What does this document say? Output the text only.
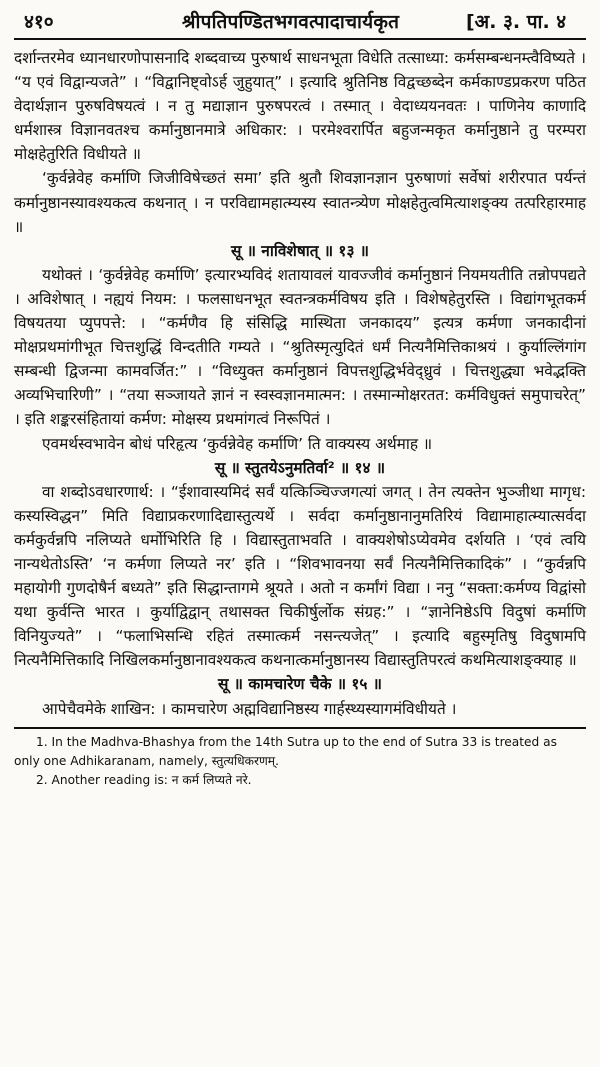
४१०	श्रीपतिपण्डितभगवत्पादाचार्यकृत	[अ. ३. पा. ४

दर्शान्तरमेव ध्यानधारणोपासनादि शब्दवाच्य पुरुषार्थ साधनभूता विधेति तत्साध्या: कर्मसम्बन्धनम्त्वैविष्यते । “य एवं विद्वान्यजते” । “विद्वानिष्ट्वोऽर्ह जुहुयात्” । इत्यादि श्रुतिनिष्ठ विद्वच्छब्देन कर्मकाण्डप्रकरण पठित वेदार्थज्ञान पुरुषविषयत्वं । न तु मद्याज्ञान पुरुषपरत्वं । तस्मात् । वेदाध्ययनवतः । पाणिनेय काणादि धर्मशास्त्र विज्ञानवतश्च कर्मानुष्ठानमात्रे अधिकार: । परमेश्वरार्पित बहुजन्मकृत कर्मानुष्ठाने तु परम्परा मोक्षहेतुरिति विधीयते ॥

‘कुर्वन्नेवेह कर्माणि जिजीविषेच्छतं समा’ इति श्रुतौ शिवज्ञानज्ञान पुरुषाणां सर्वेषां शरीरपात पर्यन्तं कर्मानुष्ठानस्यावश्यकत्व कथनात् । न परविद्यामहात्म्यस्य स्वातन्त्र्येण मोक्षहेतुत्वमित्याशङ्क्य तत्परिहारमाह ॥

सू ॥ नाविशेषात् ॥ १३ ॥

यथोक्तं । ‘कुर्वन्नेवेह कर्माणि’ इत्यारभ्यविदं शतायावलं यावज्जीवं कर्मानुष्ठानं नियमयतीति तन्नोपपद्यते । अविशेषात् । नह्ययं नियम: । फलसाधनभूत स्वतन्त्रकर्मविषय इति । विशेषहेतुरस्ति । विद्यांगभूतकर्म विषयतया प्युपपत्ते: । “कर्मणैव हि संसिद्धि मास्थिता जनकादय” इत्यत्र कर्मणा जनकादीनां मोक्षप्रथमांगीभूत चित्तशुद्धिं विन्दतीति गम्यते । “श्रुतिस्मृत्युदितं धर्मं नित्यनैमित्तिकाश्रयं । कुर्याल्लिंगांग सम्बन्धी द्विजन्मा कामवर्जित:” । “विध्युक्त कर्मानुष्ठानं विपत्तशुद्धिर्भवेद्ध्रुवं । चित्तशुद्ध्या भवेद्भक्ति अव्यभिचारिणी” । “तया सञ्जायते ज्ञानं न स्वस्वज्ञानमात्मन: । तस्मान्मोक्षरतत: कर्मविधुक्तं समुपाचरेत्” । इति शङ्करसंहितायां कर्मण: मोक्षस्य प्रथमांगत्वं निरूपितं ।

एवमर्थस्वभावेन बोधं परिहृत्य ‘कुर्वन्नेवेह कर्माणि’ ति वाक्यस्य अर्थमाह ॥

सू ॥ स्तुतयेऽनुमतिर्वा² ॥ १४ ॥

वा शब्दोऽवधारणार्थ: । “ईशावास्यमिदं सर्वं यत्किञ्चिज्जगत्यां जगत् । तेन त्यक्तेन भुञ्जीथा मागृध: कस्यस्विद्धन” मिति विद्याप्रकरणादिद्यास्तुत्यर्थे । सर्वदा कर्मानुष्ठानानुमतिरियं विद्यामाहात्म्यात्सर्वदा कर्मकुर्वन्नपि नलिप्यते धर्मोभिरिति हि । विद्यास्तुताभवति । वाक्यशेषोऽप्येवमेव दर्शयति । ‘एवं त्वयि नान्यथेतोऽस्ति’ ‘न कर्मणा लिप्यते नर’ इति । “शिवभावनया सर्वं नित्यनैमित्तिकादिकं” । “कुर्वन्नपि महायोगी गुणदोषैर्न बध्यते” इति सिद्धान्तागमे श्रूयते । अतो न कर्मांगं विद्या । ननु “सक्ता:कर्मण्य विद्वांसो यथा कुर्वन्ति भारत । कुर्याद्विद्वान् तथासक्त चिकीर्षुर्लोक संग्रह:” । “ज्ञानेनिष्ठेऽपि विदुषां कर्माणि विनियुज्यते” । “फलाभिसन्धि रहितं तस्मात्कर्म नसन्त्यजेत्” । इत्यादि बहुस्मृतिषु विदुषामपि नित्यनैमित्तिकादि निखिलकर्मानुष्ठानावश्यकत्व कथनात्कर्मानुष्ठानस्य विद्यास्तुतिपरत्वं कथमित्याशङ्क्याह ॥

सू ॥ कामचारेण चैके ॥ १५ ॥

आपेचैवमेके शाखिन: । कामचारेण अह्मविद्यानिष्ठस्य गार्हस्थ्यस्यागमंविधीयते ।

1. In the Madhva-Bhashya from the 14th Sutra up to the end of Sutra 33 is treated as only one Adhikaranam, namely, स्तुत्यधिकरणम्.

2. Another reading is: न कर्म लिप्यते नरे.
